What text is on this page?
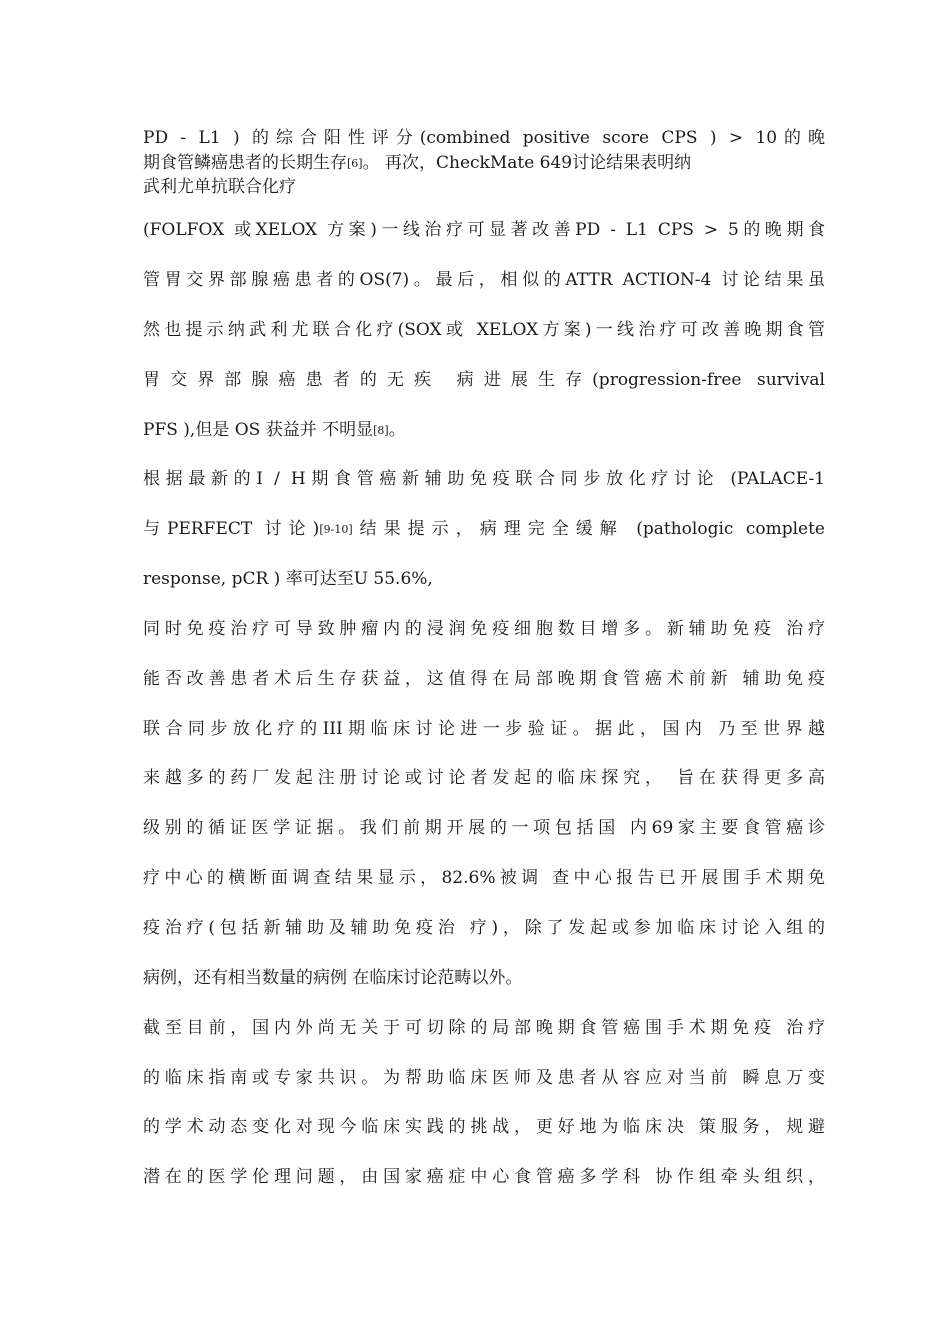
PD - L1 ) 的综合阳性评分(combined positive score CPS ) > 10的晚

期食管鳞癌患者的长期生存[6]。 再次，CheckMate 649讨论结果表明纳

武利尤单抗联合化疗

(FOLFOX 或XELOX 方案)一线治疗可显著改善PD - L1 CPS > 5的晚期食

管胃交界部腺癌患者的OS(7)。最后，相似的ATTR ACTION-4 讨论结果虽

然也提示纳武利尤联合化疗(SOX或 XELOX方案)一线治疗可改善晚期食管

胃交界部腺癌患者的无疾 病进展生存(progression-free survival

PFS ),但是 OS 获益并 不明显[8]。

根据最新的I / H期食管癌新辅助免疫联合同步放化疗讨论 (PALACE-1

与PERFECT 讨论)[9-10]结果提示，病理完全缓解 (pathologic complete

response, pCR ) 率可达至U 55.6%,

同时免疫治疗可导致肿瘤内的浸润免疫细胞数目增多。新辅助免疫 治疗

能否改善患者术后生存获益，这值得在局部晚期食管癌术前新 辅助免疫

联合同步放化疗的III期临床讨论进一步验证。据此，国内 乃至世界越

来越多的药厂发起注册讨论或讨论者发起的临床探究， 旨在获得更多高

级别的循证医学证据。我们前期开展的一项包括国 内69家主要食管癌诊

疗中心的横断面调查结果显示，82.6%被调 查中心报告已开展围手术期免

疫治疗(包括新辅助及辅助免疫治 疗)，除了发起或参加临床讨论入组的

病例，还有相当数量的病例 在临床讨论范畴以外。

截至目前，国内外尚无关于可切除的局部晚期食管癌围手术期免疫 治疗

的临床指南或专家共识。为帮助临床医师及患者从容应对当前 瞬息万变

的学术动态变化对现今临床实践的挑战，更好地为临床决 策服务，规避

潜在的医学伦理问题，由国家癌症中心食管癌多学科 协作组牵头组织，
